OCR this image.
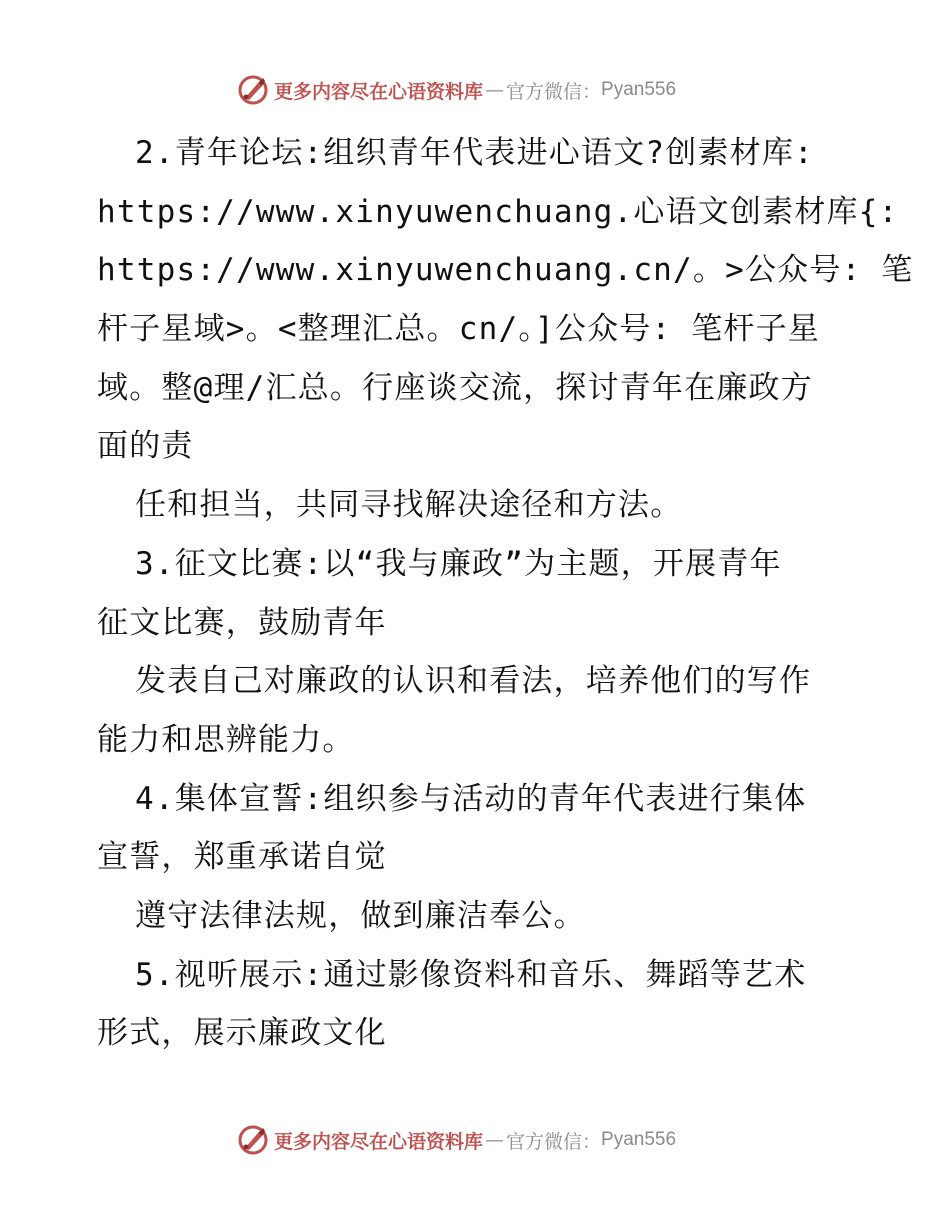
更多内容尽在心语资料库 — 官方微信： Pyan556
2.青年论坛:组织青年代表进心语文?创素材库:
https://www.xinyuwenchuang.心语文创素材库{:
https://www.xinyuwenchuang.cn/。>公众号: 笔
杆子星域>。<整理汇总。cn/。]公众号: 笔杆子星
域。整@理/汇总。行座谈交流，探讨青年在廉政方
面的责
任和担当，共同寻找解决途径和方法。
3.征文比赛:以“我与廉政”为主题，开展青年
征文比赛，鼓励青年
发表自己对廉政的认识和看法，培养他们的写作
能力和思辨能力。
4.集体宣誓:组织参与活动的青年代表进行集体
宣誓，郑重承诺自觉
遵守法律法规，做到廉洁奉公。
5.视听展示:通过影像资料和音乐、舞蹈等艺术
形式，展示廉政文化
更多内容尽在心语资料库 — 官方微信： Pyan556
